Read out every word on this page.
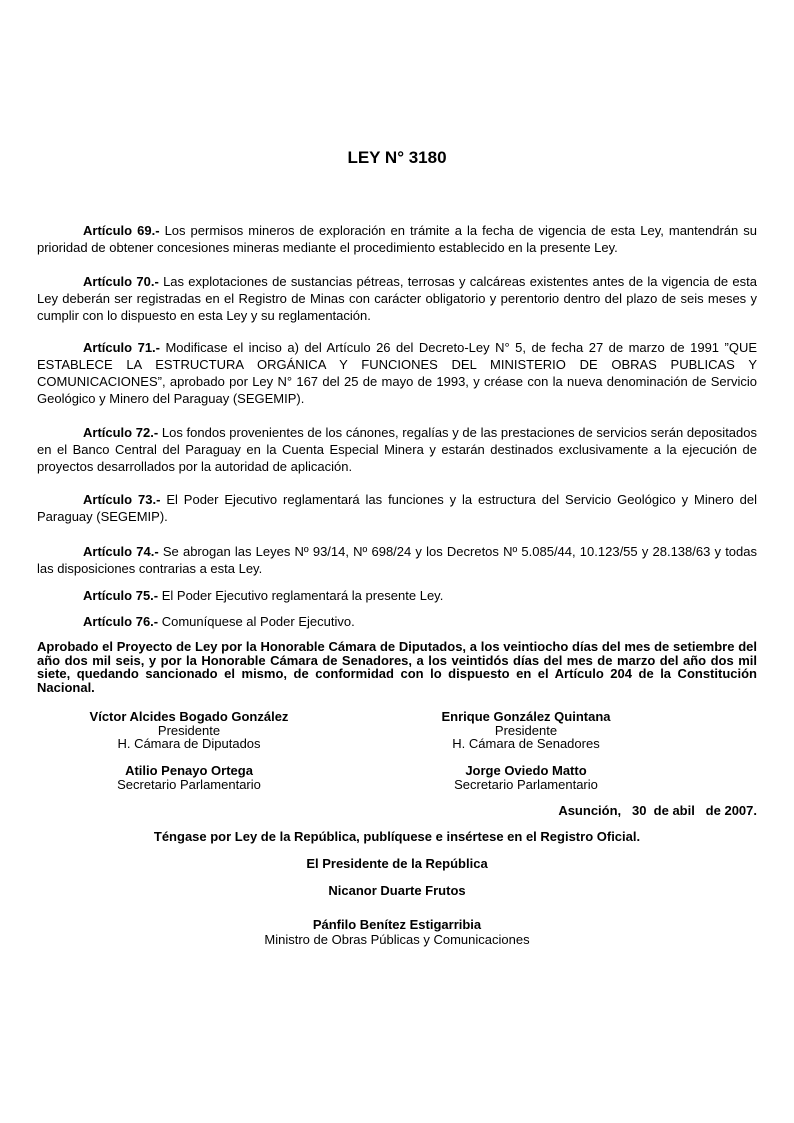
LEY N° 3180
Artículo 69.- Los permisos mineros de exploración en trámite a la fecha de vigencia de esta Ley, mantendrán su prioridad de obtener concesiones mineras mediante el procedimiento establecido en la presente Ley.
Artículo 70.- Las explotaciones de sustancias pétreas, terrosas y calcáreas existentes antes de la vigencia de esta Ley deberán ser registradas en el Registro de Minas con carácter obligatorio y perentorio dentro del plazo de seis meses y cumplir con lo dispuesto en esta Ley y su reglamentación.
Artículo 71.- Modificase el inciso a) del Artículo 26 del Decreto-Ley N° 5, de fecha 27 de marzo de 1991 ”QUE ESTABLECE LA ESTRUCTURA ORGÁNICA Y FUNCIONES DEL MINISTERIO DE OBRAS PUBLICAS Y COMUNICACIONES”, aprobado por Ley N° 167 del 25 de mayo de 1993, y créase con la nueva denominación de Servicio Geológico y Minero del Paraguay (SEGEMIP).
Artículo 72.- Los fondos provenientes de los cánones, regalías y de las prestaciones de servicios serán depositados en el Banco Central del Paraguay en la Cuenta Especial Minera y estarán destinados exclusivamente a la ejecución de proyectos desarrollados por la autoridad de aplicación.
Artículo 73.- El Poder Ejecutivo reglamentará las funciones y la estructura del Servicio Geológico y Minero del Paraguay (SEGEMIP).
Artículo 74.- Se abrogan las Leyes Nº 93/14, Nº 698/24 y los Decretos Nº 5.085/44, 10.123/55 y 28.138/63 y todas las disposiciones contrarias a esta Ley.
Artículo 75.- El Poder Ejecutivo reglamentará la presente Ley.
Artículo 76.- Comuníquese al Poder Ejecutivo.
Aprobado el Proyecto de Ley por la Honorable Cámara de Diputados, a los veintiocho días del mes de setiembre del año dos mil seis, y por la Honorable Cámara de Senadores, a los veintidós días del mes de marzo del año dos mil siete, quedando sancionado el mismo, de conformidad con lo dispuesto en el Artículo 204 de la Constitución Nacional.
Víctor Alcides Bogado González
Presidente
H. Cámara de Diputados
Enrique González Quintana
Presidente
H. Cámara de Senadores
Atilio Penayo Ortega
Secretario Parlamentario
Jorge Oviedo Matto
Secretario Parlamentario
Asunción,   30  de abil   de 2007.
Téngase por Ley de la República, publíquese e insértese en el Registro Oficial.
El Presidente de la República
Nicanor Duarte Frutos
Pánfilo Benítez Estigarribia
Ministro de Obras Públicas y Comunicaciones
